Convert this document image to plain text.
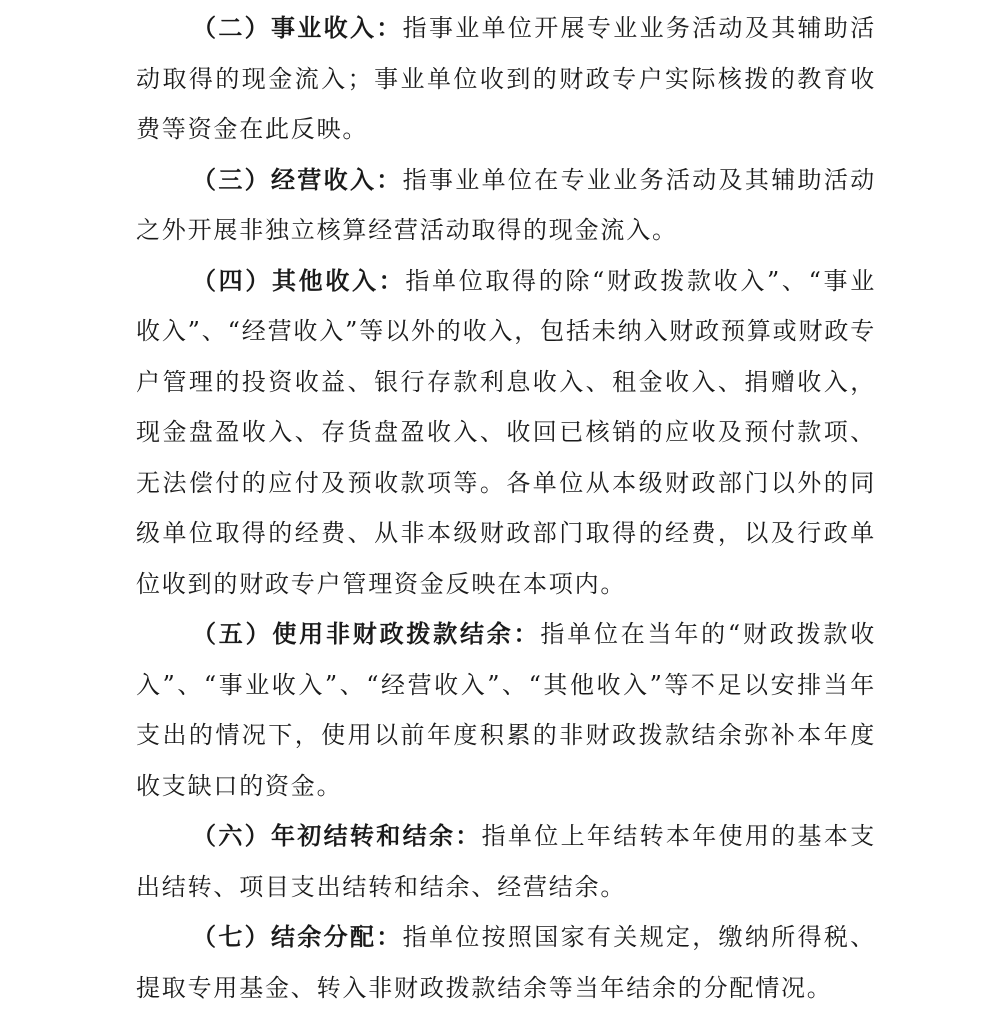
（二）事业收入：指事业单位开展专业业务活动及其辅助活动取得的现金流入；事业单位收到的财政专户实际核拨的教育收费等资金在此反映。

（三）经营收入：指事业单位在专业业务活动及其辅助活动之外开展非独立核算经营活动取得的现金流入。

（四）其他收入：指单位取得的除“财政拨款收入”、“事业收入”、“经营收入”等以外的收入，包括未纳入财政预算或财政专户管理的投资收益、银行存款利息收入、租金收入、捐赠收入，现金盘盈收入、存货盘盈收入、收回已核销的应收及预付款项、无法偿付的应付及预收款项等。各单位从本级财政部门以外的同级单位取得的经费、从非本级财政部门取得的经费，以及行政单位收到的财政专户管理资金反映在本项内。

（五）使用非财政拨款结余：指单位在当年的“财政拨款收入”、“事业收入”、“经营收入”、“其他收入”等不足以安排当年支出的情况下，使用以前年度积累的非财政拨款结余弥补本年度收支缺口的资金。

（六）年初结转和结余：指单位上年结转本年使用的基本支出结转、项目支出结转和结余、经营结余。

（七）结余分配：指单位按照国家有关规定，缴纳所得税、提取专用基金、转入非财政拨款结余等当年结余的分配情况。
